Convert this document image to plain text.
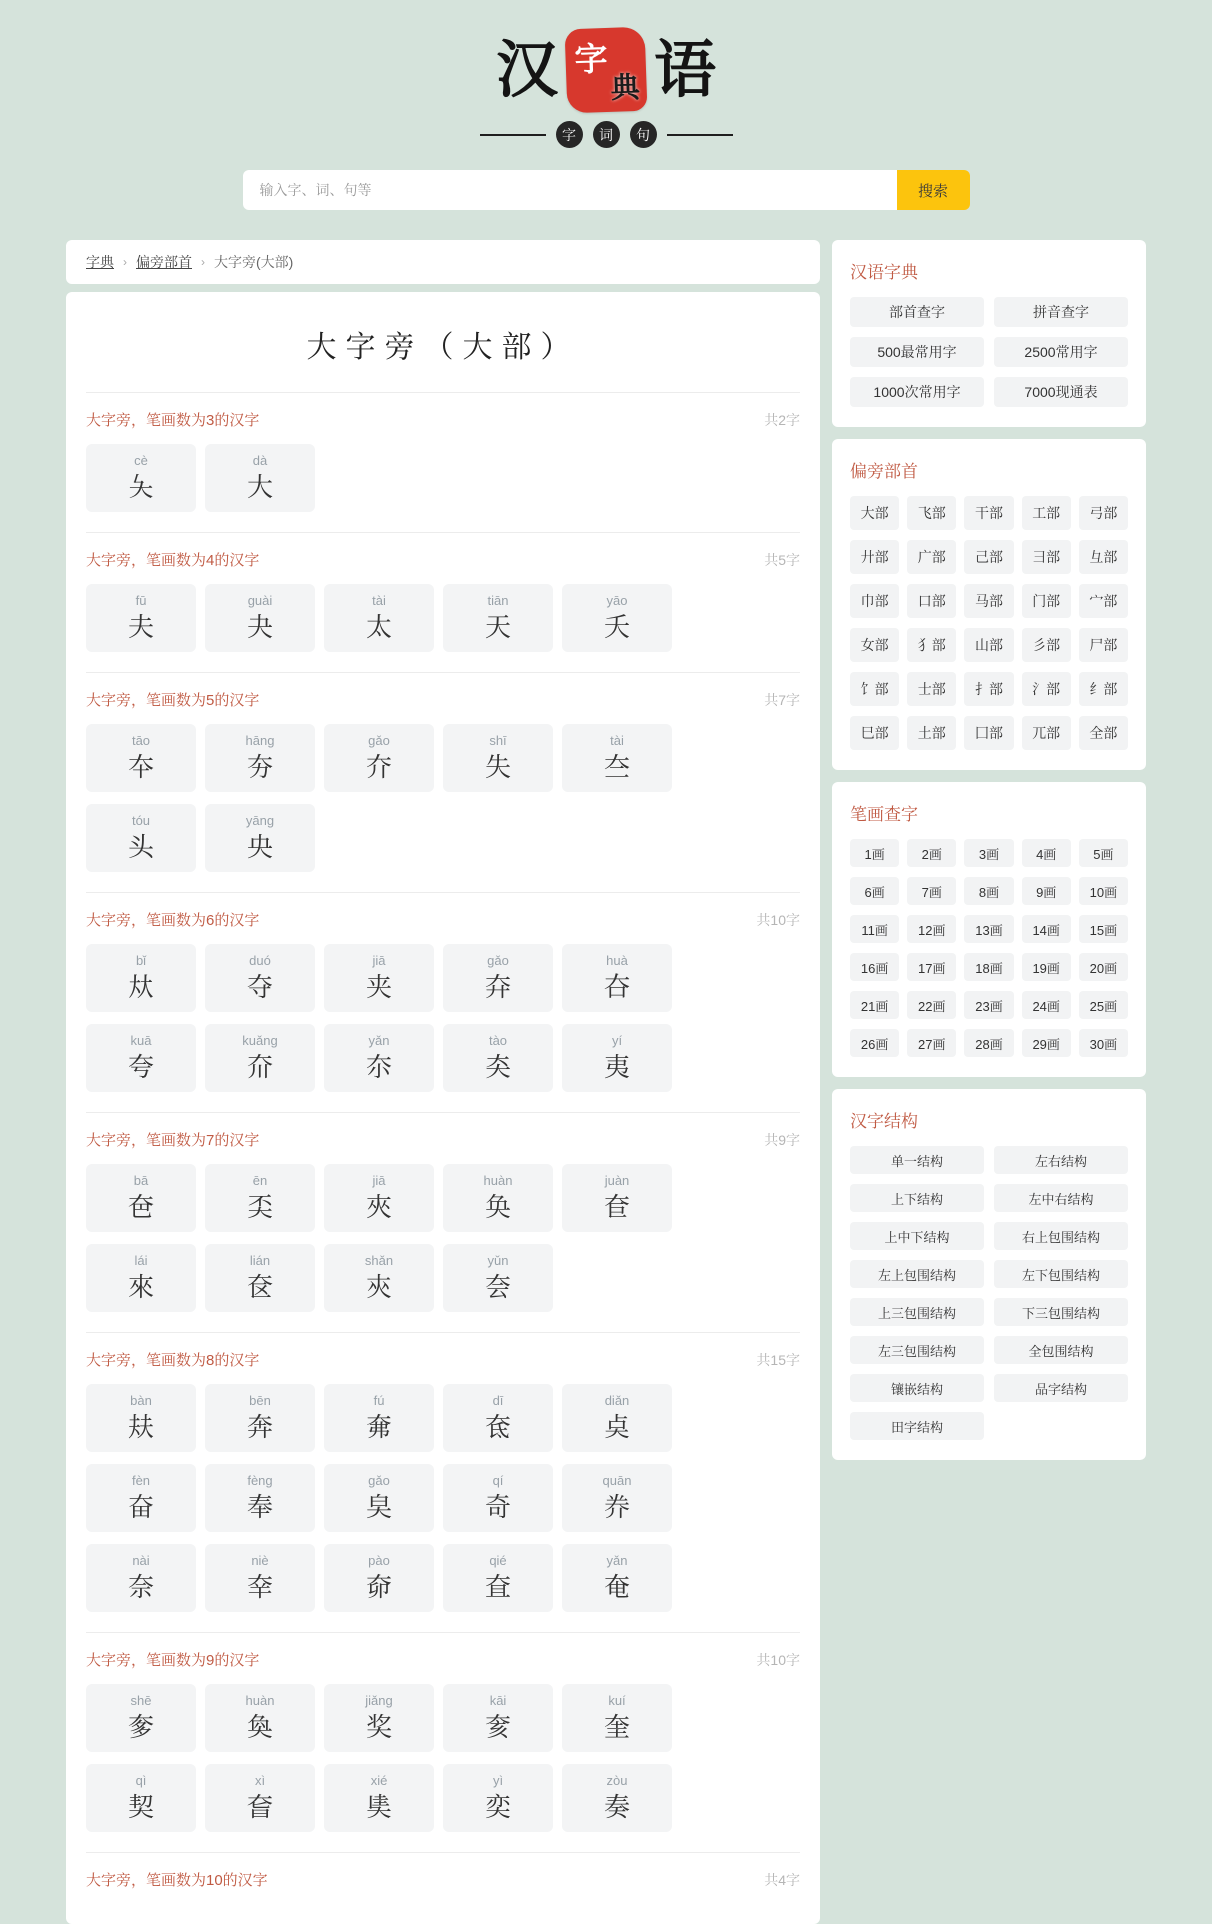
汉 字
典 语
字	词	句
输入字、词、句等
搜索
字典 › 偏旁部首 › 大字旁(大部)
大字旁（大部）
大字旁，笔画数为3的汉字	共2字
cè
夨
dà
大
大字旁，笔画数为4的汉字	共5字
fū
夫
guài
夬
tài
太
tiān
天
yāo
夭
大字旁，笔画数为5的汉字	共7字
tāo
夲
hāng
夯
gǎo
夰
shī
失
tài
夳
tóu
头
yāng
央
大字旁，笔画数为6的汉字	共10字
bǐ
夶
duó
夺
jiā
夹
gǎo
㚏
huà
夻
kuā
夸
kuǎng
夼
yǎn
夵
tào
㚐
yí
夷
大字旁，笔画数为7的汉字	共9字
bā
夿
ēn
奀
jiā
夾
huàn
奂
juàn
奆
lái
來
lián
奁
shǎn
㚒
yǔn
夽
大字旁，笔画数为8的汉字	共15字
bàn
㚘
bēn
奔
fú
㚕
dī
奃
diǎn
奌
fèn
奋
fèng
奉
gǎo
㚖
qí
奇
quān
奍
nài
奈
niè
㚔
pào
奅
qié
㚗
yǎn
奄
大字旁，笔画数为9的汉字	共10字
shē
奓
huàn
奐
jiǎng
奖
kāi
奒
kuí
奎
qì
契
xì
㚛
xié
奊
yì
奕
zòu
奏
大字旁，笔画数为10的汉字	共4字
汉语字典
部首查字	拼音查字
500最常用字	2500常用字
1000次常用字	7000现通表
偏旁部首
大部	飞部	干部	工部	弓部
廾部	广部	己部	彐部	彑部
巾部	口部	马部	门部	宀部
女部	犭部	山部	彡部	尸部
饣部	士部	扌部	氵部	纟部
巳部	土部	囗部	兀部	全部
笔画查字
1画	2画	3画	4画	5画
6画	7画	8画	9画	10画
11画	12画	13画	14画	15画
16画	17画	18画	19画	20画
21画	22画	23画	24画	25画
26画	27画	28画	29画	30画
汉字结构
单一结构	左右结构
上下结构	左中右结构
上中下结构	右上包围结构
左上包围结构	左下包围结构
上三包围结构	下三包围结构
左三包围结构	全包围结构
镶嵌结构	品字结构
田字结构
